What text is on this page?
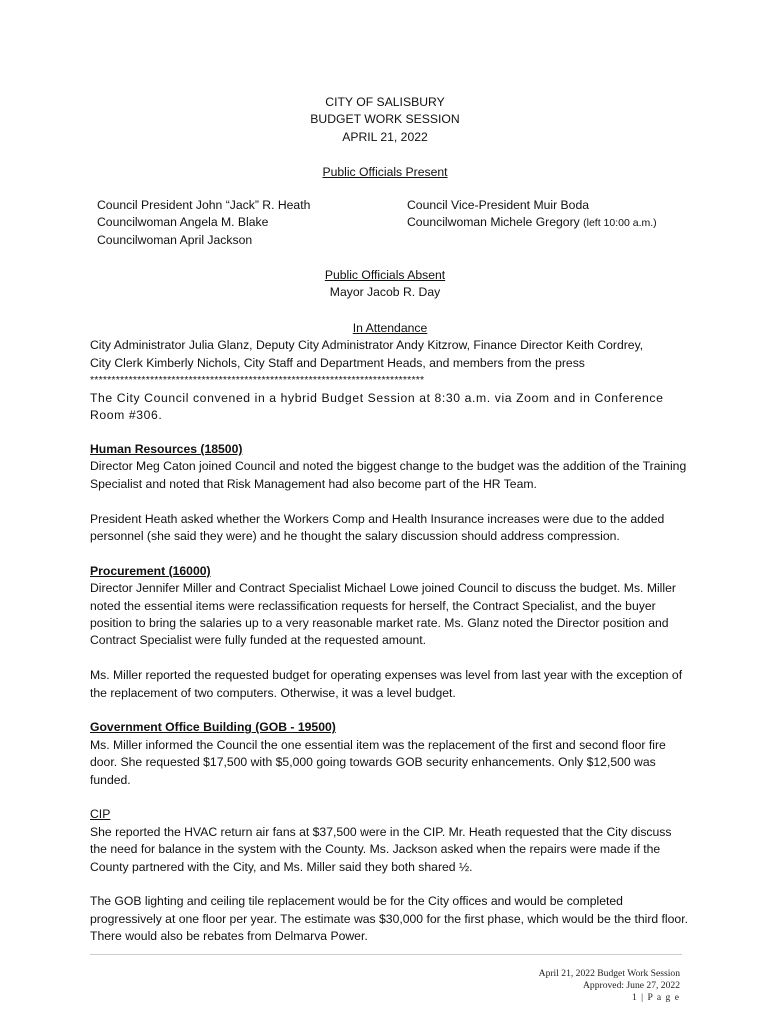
CITY OF SALISBURY
BUDGET WORK SESSION
APRIL 21, 2022
Public Officials Present
Council President John “Jack” R. Heath
Councilwoman Angela M. Blake
Councilwoman April Jackson
Council Vice-President Muir Boda
Councilwoman Michele Gregory (left 10:00 a.m.)
Public Officials Absent
Mayor Jacob R. Day
In Attendance
City Administrator Julia Glanz, Deputy City Administrator Andy Kitzrow, Finance Director Keith Cordrey,
City Clerk Kimberly Nichols, City Staff and Department Heads, and members from the press
******************************************************************************
The City Council convened in a hybrid Budget Session at 8:30 a.m. via Zoom and in Conference
Room #306.
Human Resources (18500)
Director Meg Caton joined Council and noted the biggest change to the budget was the addition of the Training Specialist and noted that Risk Management had also become part of the HR Team.
President Heath asked whether the Workers Comp and Health Insurance increases were due to the added personnel (she said they were) and he thought the salary discussion should address compression.
Procurement (16000)
Director Jennifer Miller and Contract Specialist Michael Lowe joined Council to discuss the budget. Ms. Miller noted the essential items were reclassification requests for herself, the Contract Specialist, and the buyer position to bring the salaries up to a very reasonable market rate. Ms. Glanz noted the Director position and Contract Specialist were fully funded at the requested amount.
Ms. Miller reported the requested budget for operating expenses was level from last year with the exception of the replacement of two computers. Otherwise, it was a level budget.
Government Office Building (GOB - 19500)
Ms. Miller informed the Council the one essential item was the replacement of the first and second floor fire door. She requested $17,500 with $5,000 going towards GOB security enhancements. Only $12,500 was funded.
CIP
She reported the HVAC return air fans at $37,500 were in the CIP. Mr. Heath requested that the City discuss the need for balance in the system with the County. Ms. Jackson asked when the repairs were made if the County partnered with the City, and Ms. Miller said they both shared ½.
The GOB lighting and ceiling tile replacement would be for the City offices and would be completed progressively at one floor per year. The estimate was $30,000 for the first phase, which would be the third floor. There would also be rebates from Delmarva Power.
April 21, 2022 Budget Work Session
Approved: June 27, 2022
1 | P a g e
